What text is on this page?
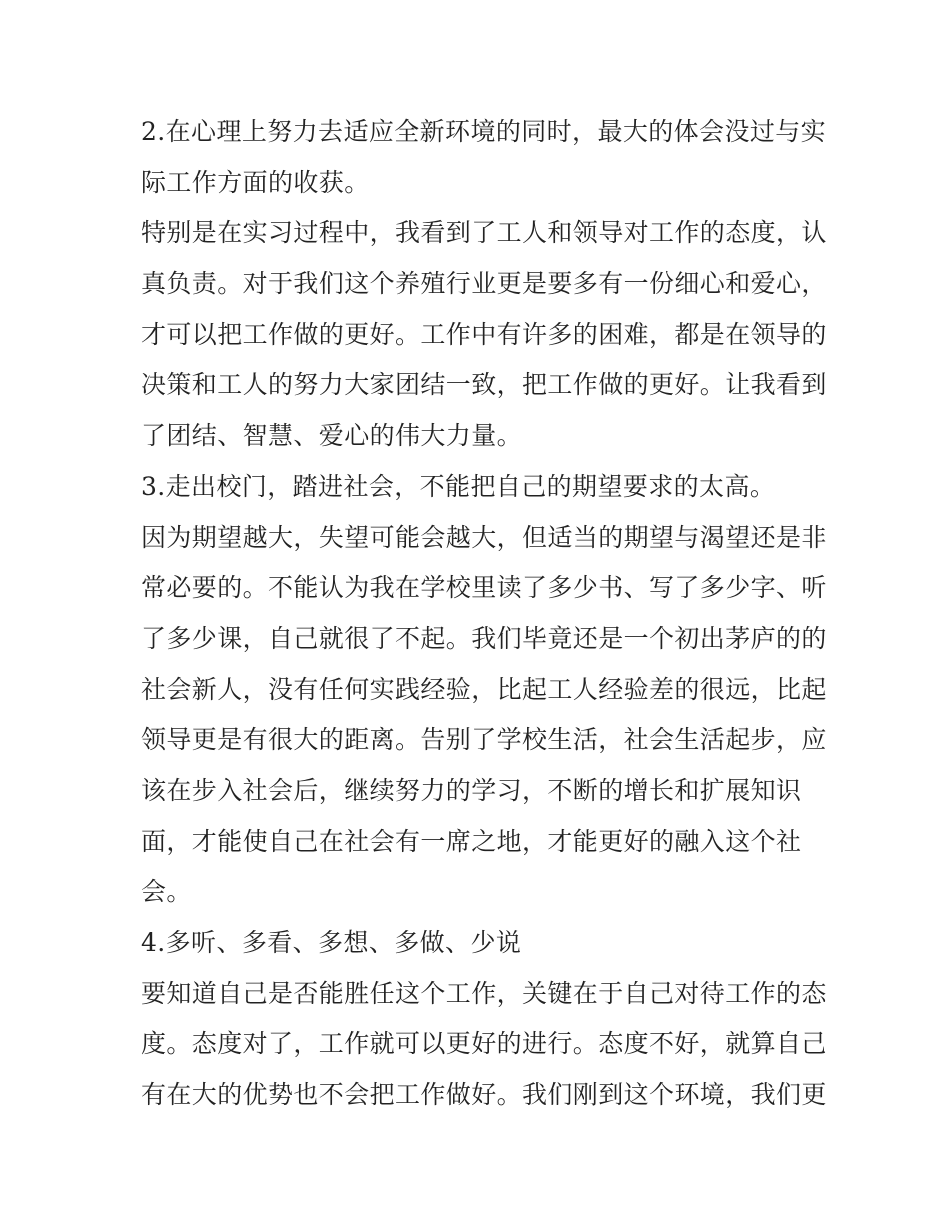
2.在心理上努力去适应全新环境的同时，最大的体会没过与实
际工作方面的收获。
特别是在实习过程中，我看到了工人和领导对工作的态度，认
真负责。对于我们这个养殖行业更是要多有一份细心和爱心，
才可以把工作做的更好。工作中有许多的困难，都是在领导的
决策和工人的努力大家团结一致，把工作做的更好。让我看到
了团结、智慧、爱心的伟大力量。
3.走出校门，踏进社会，不能把自己的期望要求的太高。
因为期望越大，失望可能会越大，但适当的期望与渴望还是非
常必要的。不能认为我在学校里读了多少书、写了多少字、听
了多少课，自己就很了不起。我们毕竟还是一个初出茅庐的的
社会新人，没有任何实践经验，比起工人经验差的很远，比起
领导更是有很大的距离。告别了学校生活，社会生活起步，应
该在步入社会后，继续努力的学习，不断的增长和扩展知识
面，才能使自己在社会有一席之地，才能更好的融入这个社
会。
4.多听、多看、多想、多做、少说
要知道自己是否能胜任这个工作，关键在于自己对待工作的态
度。态度对了，工作就可以更好的进行。态度不好，就算自己
有在大的优势也不会把工作做好。我们刚到这个环境，我们更
